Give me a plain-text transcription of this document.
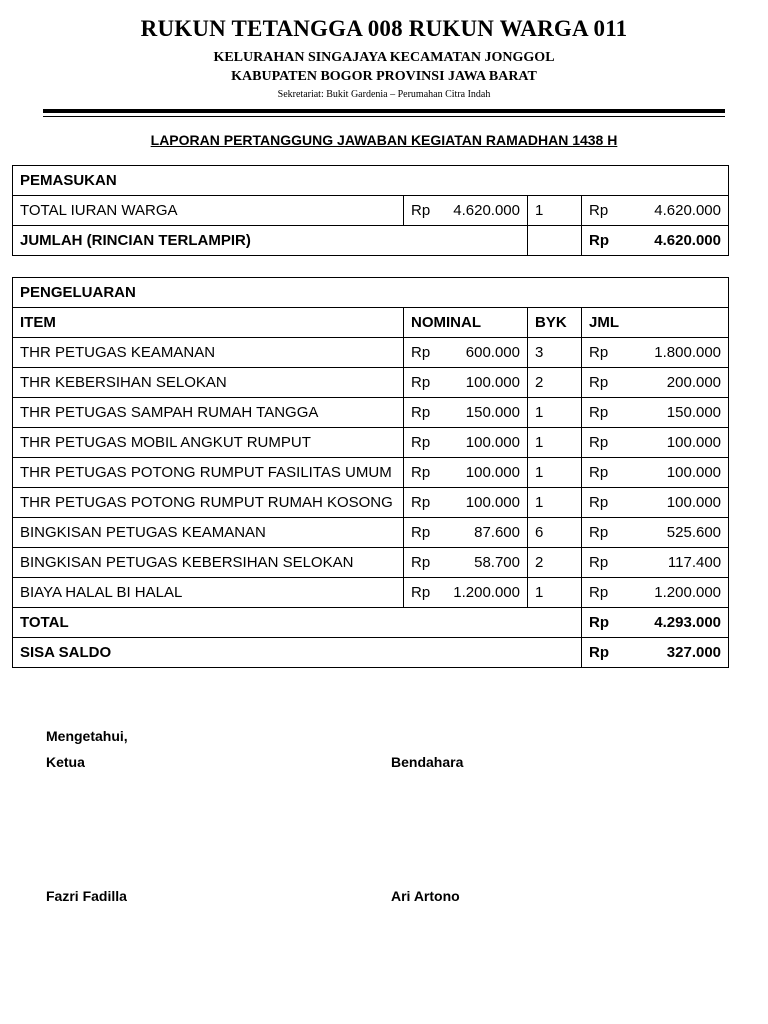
RUKUN TETANGGA 008 RUKUN WARGA 011
KELURAHAN SINGAJAYA KECAMATAN JONGGOL
KABUPATEN BOGOR PROVINSI JAWA BARAT
Sekretariat: Bukit Gardenia – Perumahan Citra Indah
LAPORAN PERTANGGUNG JAWABAN KEGIATAN RAMADHAN 1438 H
PEMASUKAN			
TOTAL IURAN WARGA	Rp 4.620.000	1	Rp 4.620.000

JUMLAH (RINCIAN TERLAMPIR)			Rp 4.620.000
PENGELUARAN			
ITEM	NOMINAL	BYK	JML
THR PETUGAS KEAMANAN	Rp 600.000	3	Rp 1.800.000

THR KEBERSIHAN SELOKAN	Rp 100.000	2	Rp 200.000

THR PETUGAS SAMPAH RUMAH TANGGA	Rp 150.000	1	Rp 150.000

THR PETUGAS MOBIL ANGKUT RUMPUT	Rp 100.000	1	Rp 100.000

THR PETUGAS POTONG RUMPUT FASILITAS UMUM	Rp 100.000	1	Rp 100.000

THR PETUGAS POTONG RUMPUT RUMAH KOSONG	Rp 100.000	1	Rp 100.000

BINGKISAN PETUGAS KEAMANAN	Rp 87.600	6	Rp 525.600

BINGKISAN PETUGAS KEBERSIHAN SELOKAN	Rp 58.700	2	Rp 117.400

BIAYA HALAL BI HALAL	Rp 1.200.000	1	Rp 1.200.000

TOTAL			Rp 4.293.000

SISA SALDO			Rp 327.000
Mengetahui,
Ketua	Bendahara
Fazri Fadilla	Ari Artono
